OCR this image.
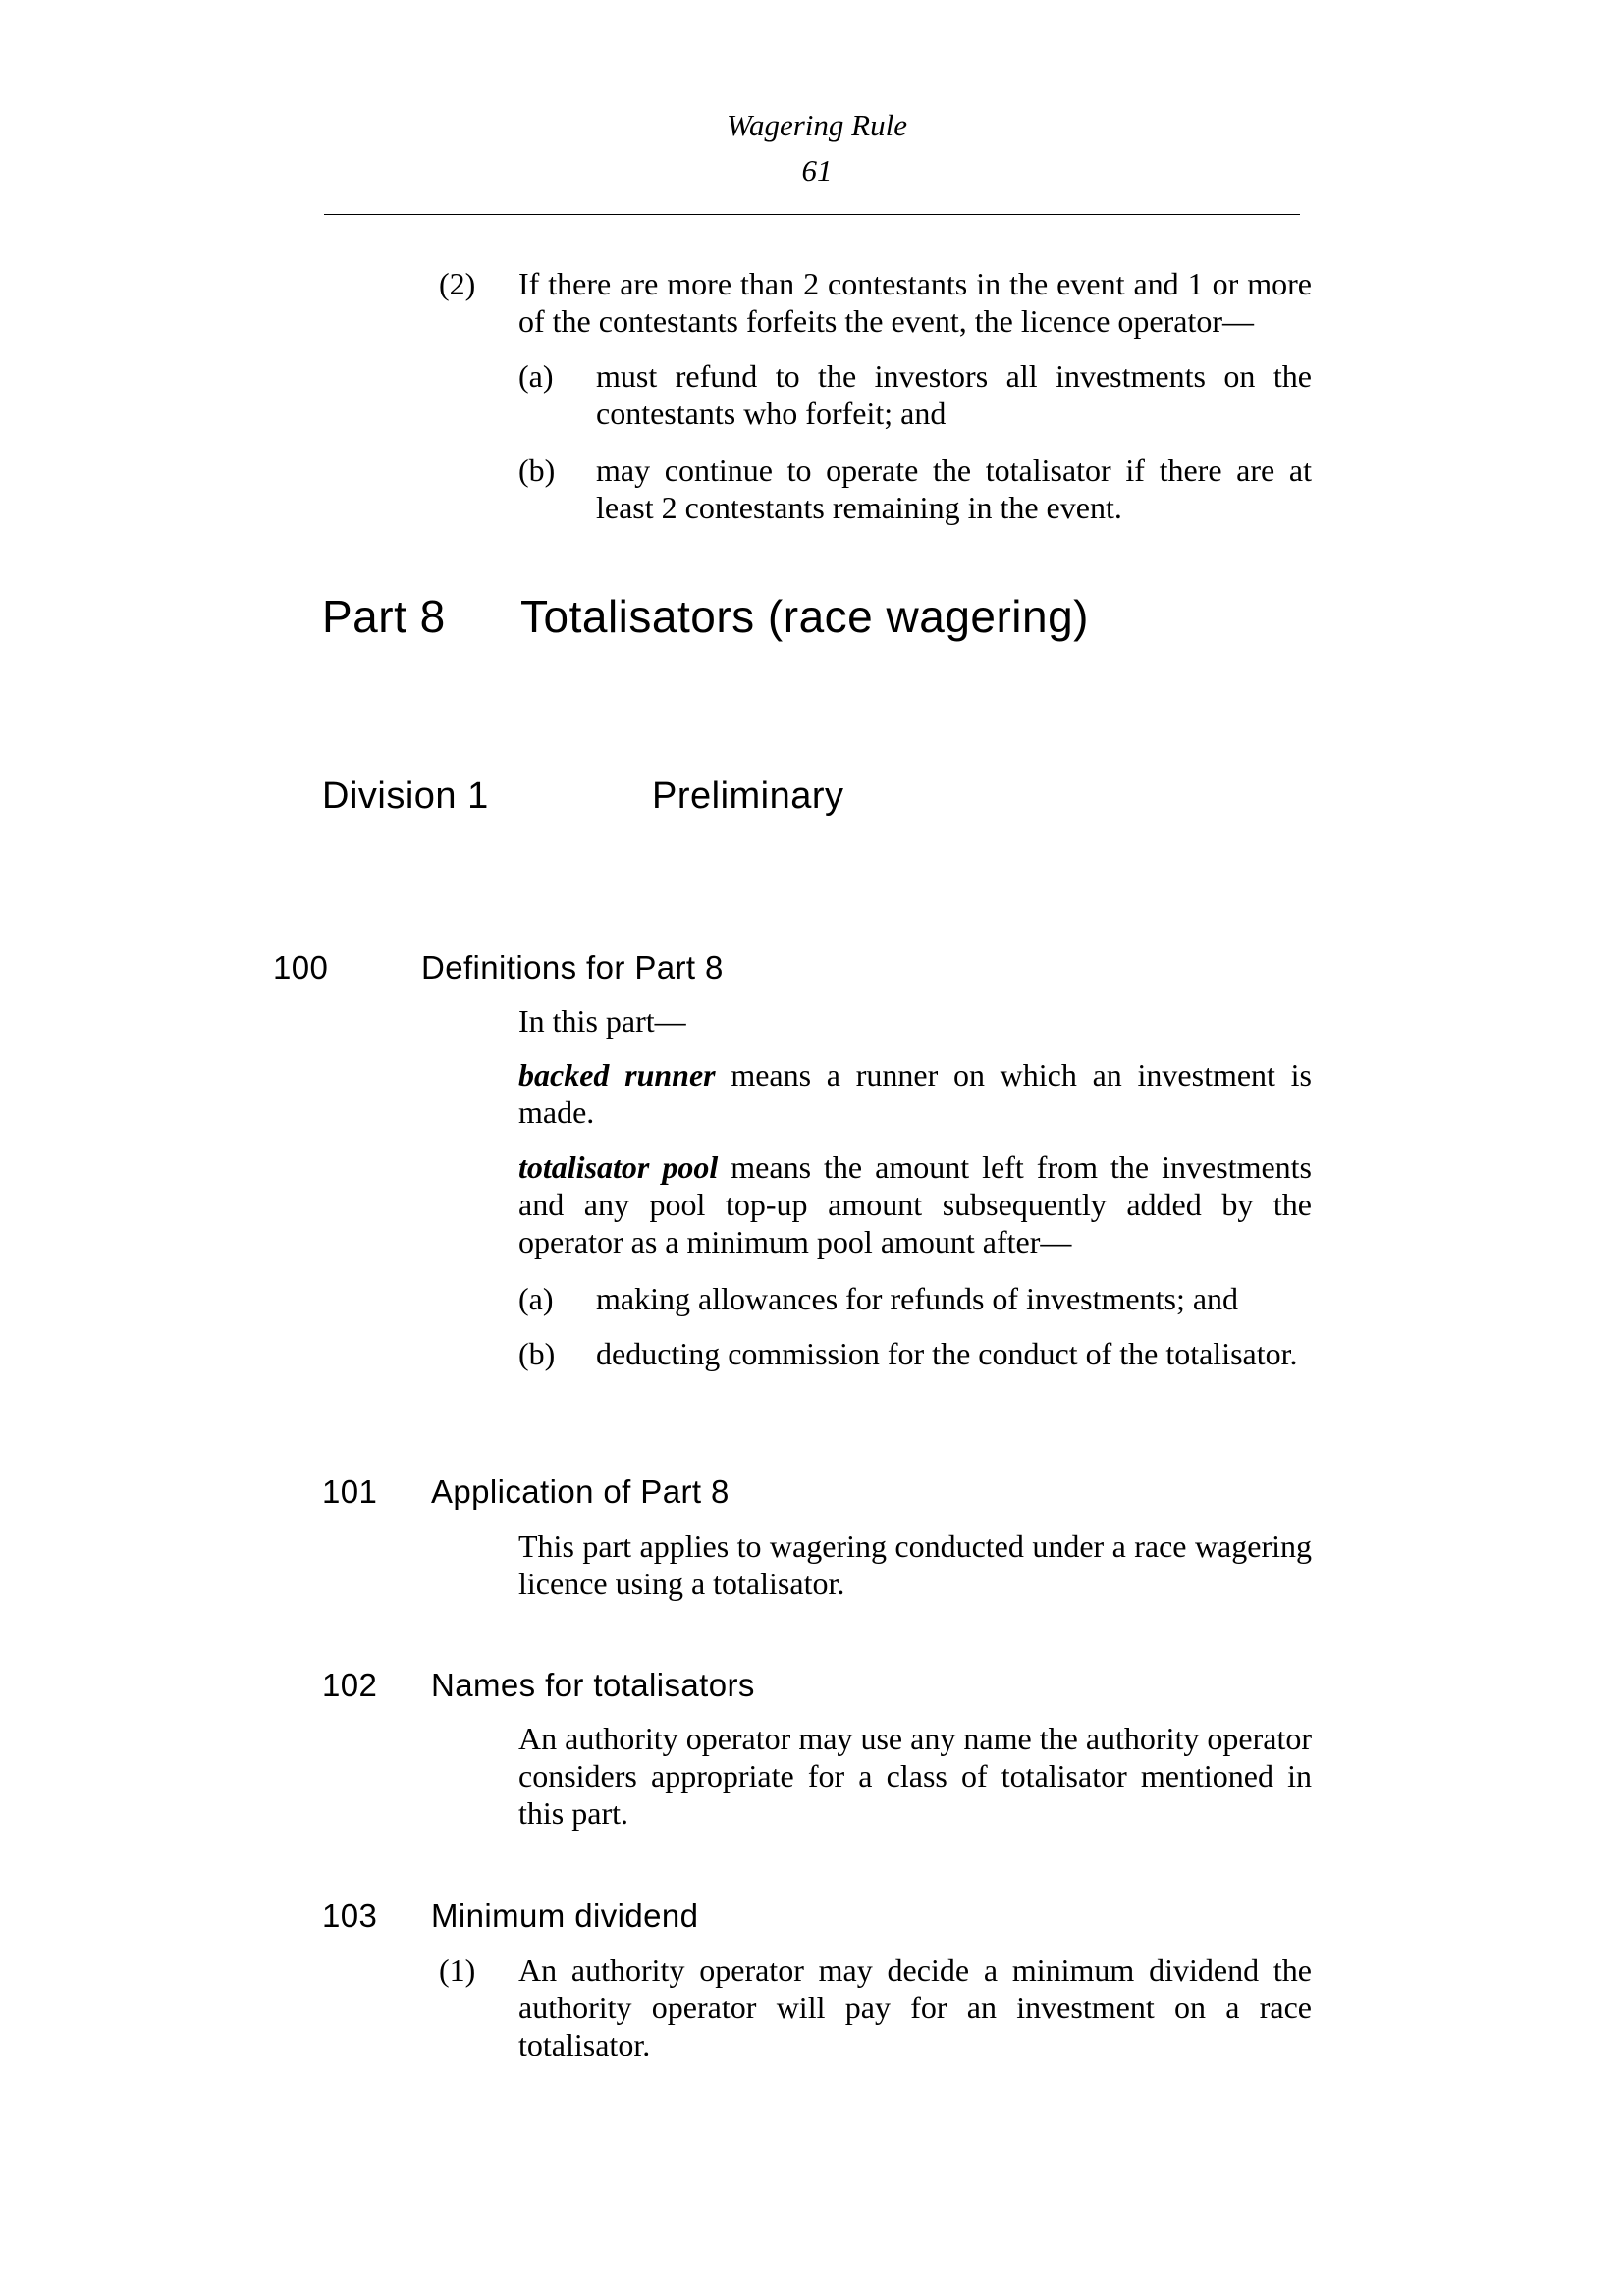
Wagering Rule
61
(2) If there are more than 2 contestants in the event and 1 or more of the contestants forfeits the event, the licence operator—
(a) must refund to the investors all investments on the contestants who forfeit; and
(b) may continue to operate the totalisator if there are at least 2 contestants remaining in the event.
Part 8 Totalisators (race wagering)
Division 1	Preliminary
100	Definitions for Part 8
In this part—
backed runner means a runner on which an investment is made.
totalisator pool means the amount left from the investments and any pool top-up amount subsequently added by the operator as a minimum pool amount after—
(a) making allowances for refunds of investments; and
(b) deducting commission for the conduct of the totalisator.
101 Application of Part 8
This part applies to wagering conducted under a race wagering licence using a totalisator.
102 Names for totalisators
An authority operator may use any name the authority operator considers appropriate for a class of totalisator mentioned in this part.
103 Minimum dividend
(1) An authority operator may decide a minimum dividend the authority operator will pay for an investment on a race totalisator.
